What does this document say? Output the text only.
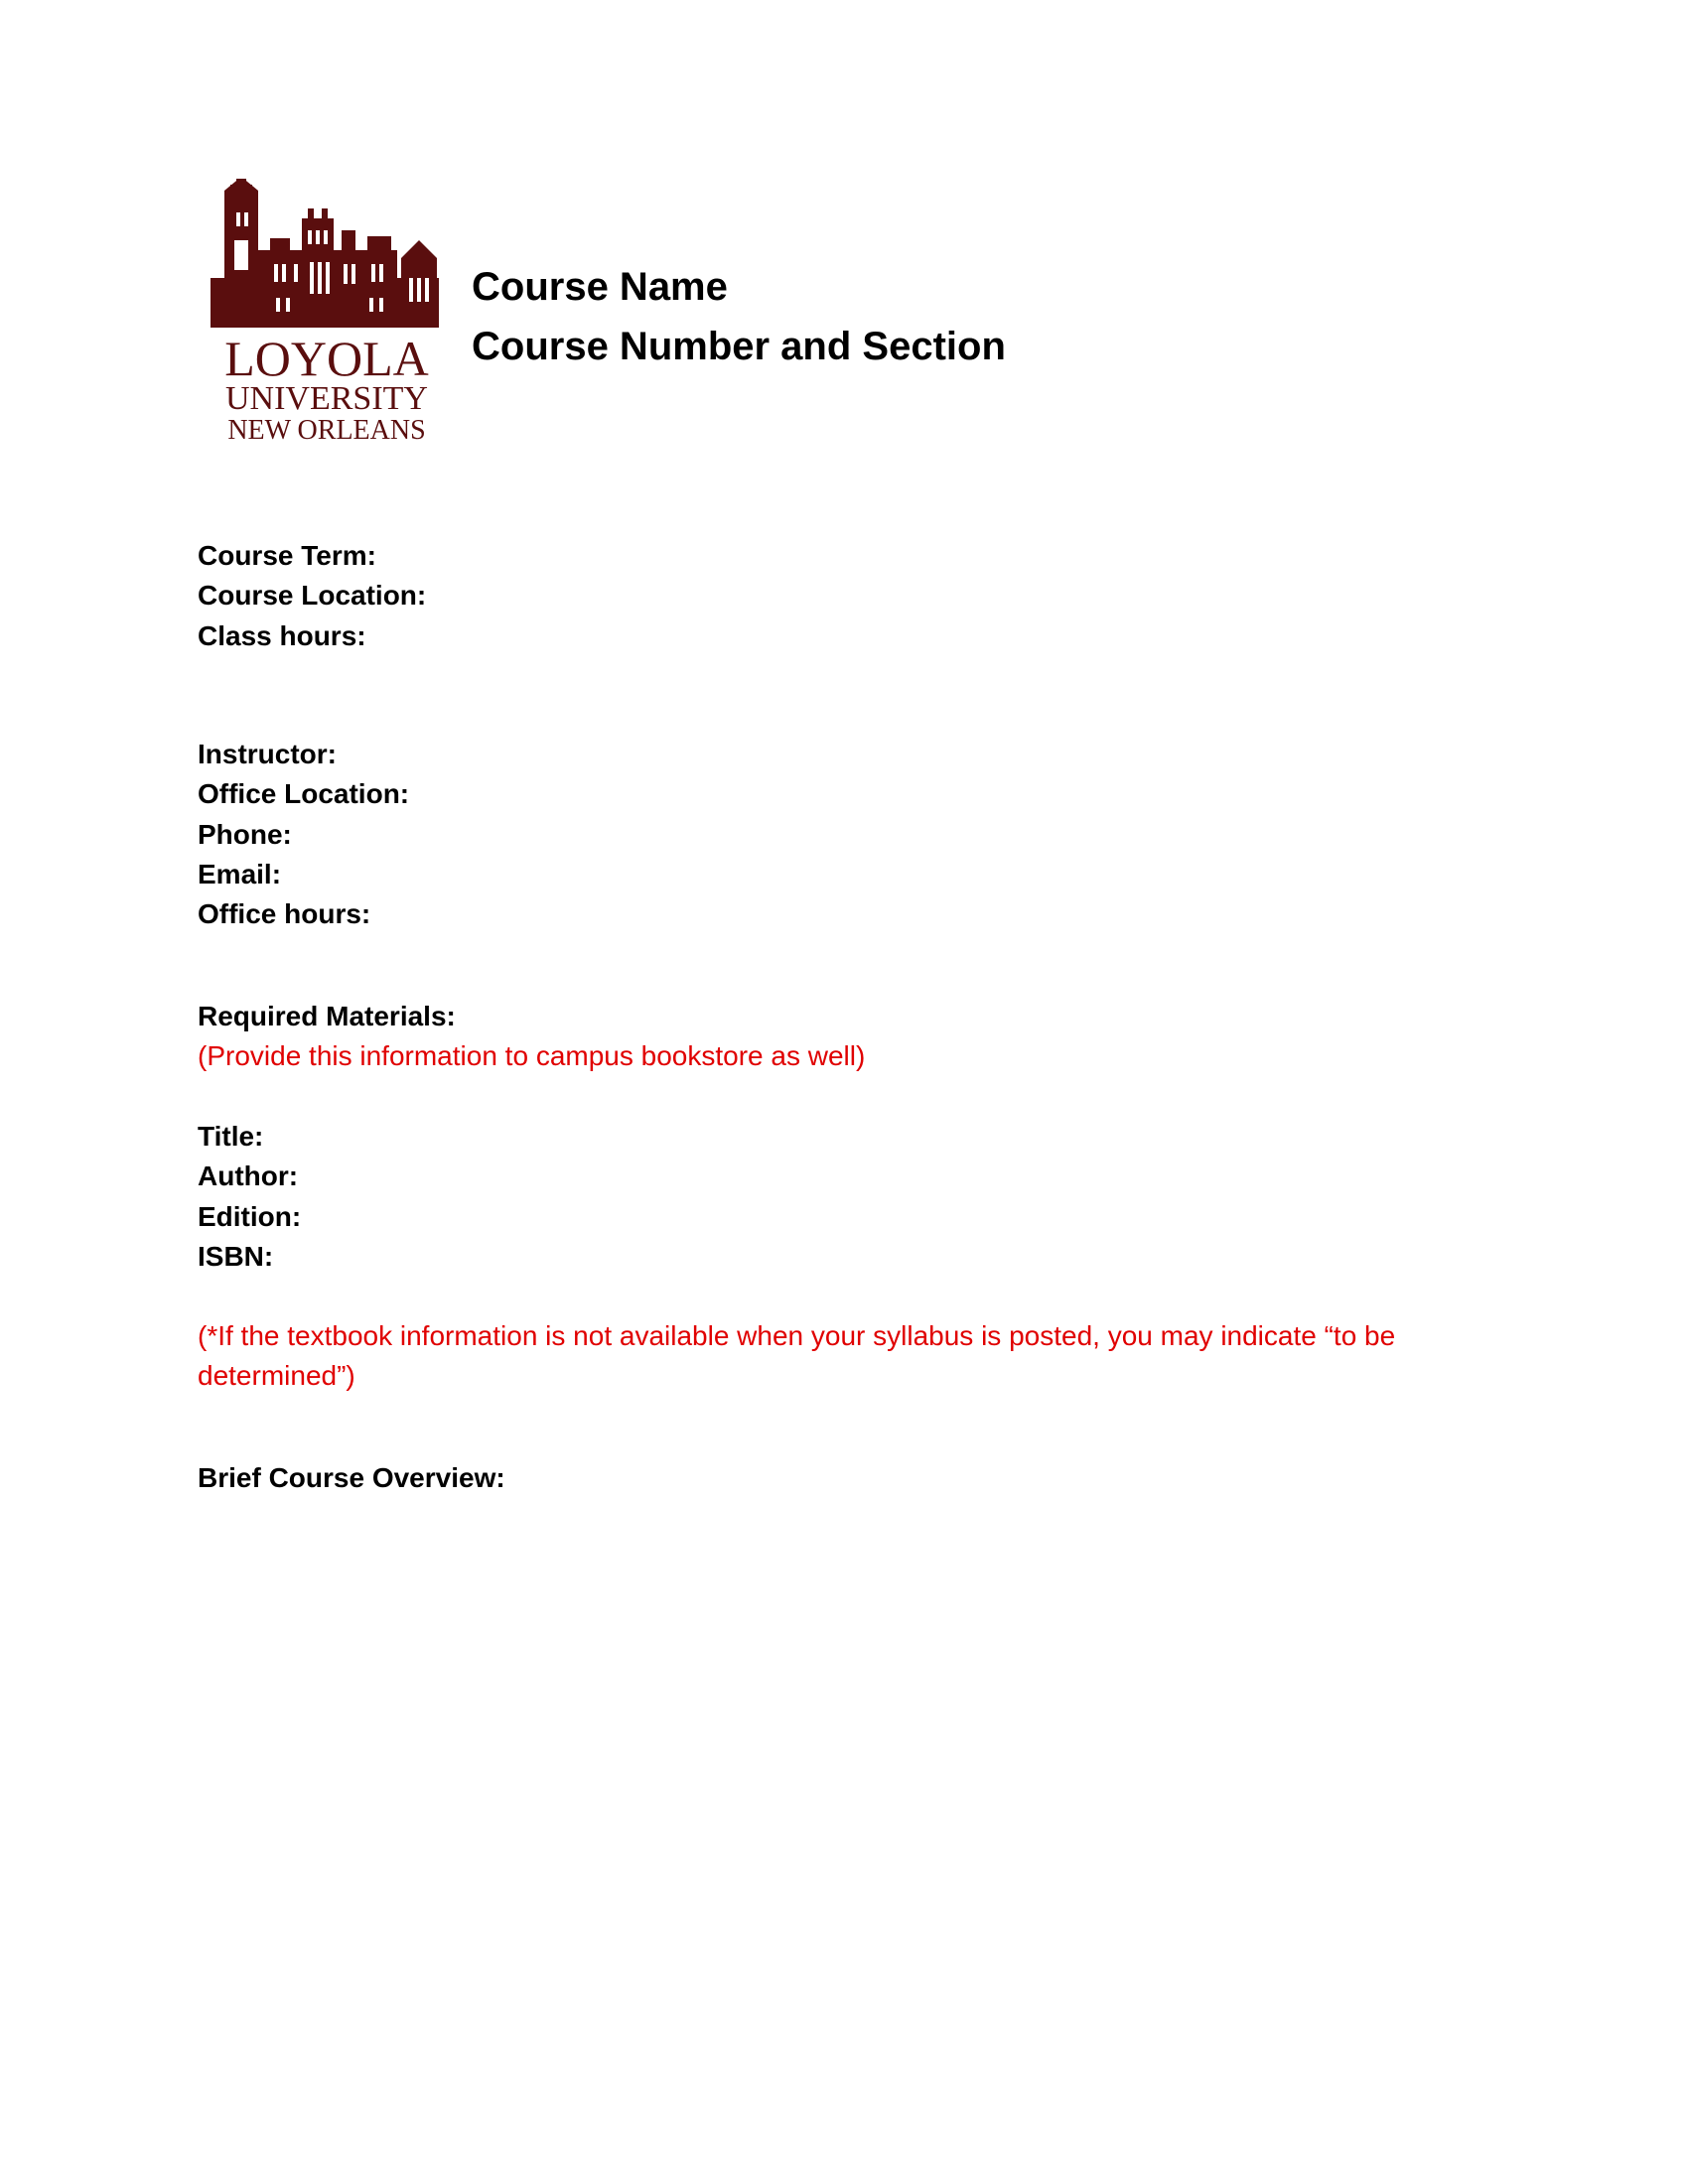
LOYOLA
UNIVERSITY
NEW ORLEANS
Course Name
Course Number and Section
Course Term:
Course Location:
Class hours:
Instructor:
Office Location:
Phone:
Email:
Office hours:
Required Materials:
(Provide this information to campus bookstore as well)
Title:
Author:
Edition:
ISBN:
(*If the textbook information is not available when your syllabus is posted, you may indicate “to be determined”)
Brief Course Overview:
